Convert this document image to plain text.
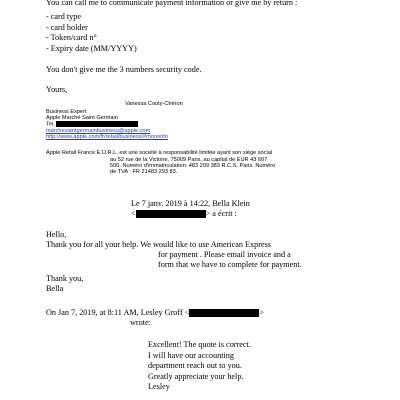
You can call me to communicate payment information or give me by return :
- card type
- card holder
- Token/card n°
- Expiry date (MM/YYYY)
You don't give me the 3 numbers security code.
Yours,
Vanessa Couty-Chéron
Business Expert
Apple Marché Saint Germain
Tel.
marchesaintgermainbusiness@apple.com
http://www.apple.com/fr/retail/business/#moreinfo
Apple Retail France E.U.R.L. est une société à responsabilité limitée ayant son siège social
au 52 rue de la Victoire, 75009 Paris, au capital de EUR 43 607
500. Numéro d'immatriculation: 483 209 383 R.C.S. Paris. Numéro
de TVA : FR 21483 293 83.
Le 7 janv. 2019 à 14:22, Bella Klein
<	> a écrit :
Hello,
Thank you for all your help. We would like to use American Express
for payment . Please email invoice and a
form that we have to complete for payment.
Thank you,
Bella
On Jan 7, 2019, at 8:11 AM, Lesley Groff <	>
wrote:
Excellent! The quote is correct.
I will have our accounting
department reach out to you.
Greatly appreciate your help.
Lesley
